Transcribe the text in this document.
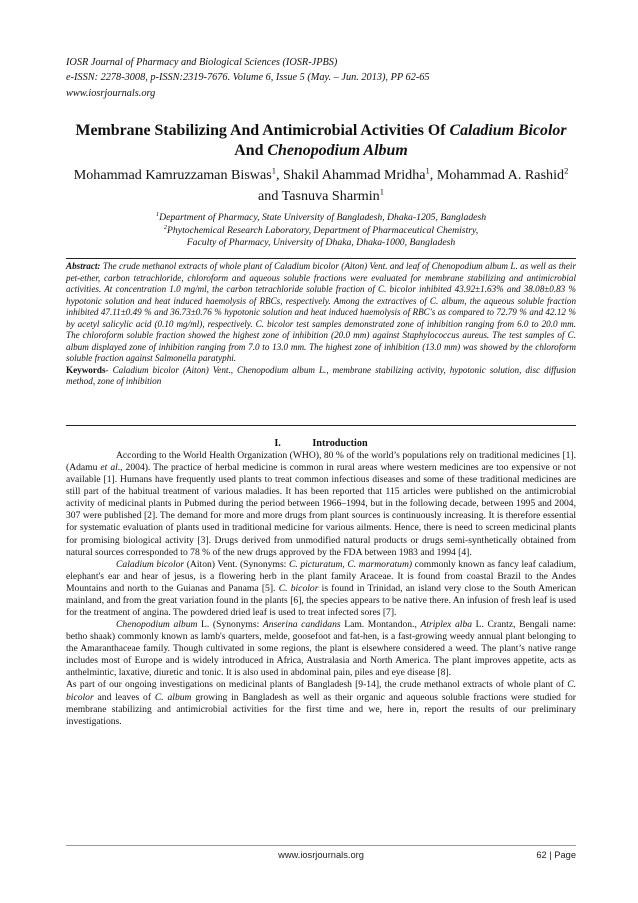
IOSR Journal of Pharmacy and Biological Sciences (IOSR-JPBS)
e-ISSN: 2278-3008, p-ISSN:2319-7676. Volume 6, Issue 5 (May. – Jun. 2013), PP 62-65
www.iosrjournals.org
Membrane Stabilizing And Antimicrobial Activities Of Caladium Bicolor And Chenopodium Album
Mohammad Kamruzzaman Biswas$^1$, Shakil Ahammad Mridha$^1$, Mohammad A. Rashid$^2$ and Tasnuva Sharmin$^1$
$^1$Department of Pharmacy, State University of Bangladesh, Dhaka-1205, Bangladesh
$^2$Phytochemical Research Laboratory, Department of Pharmaceutical Chemistry,
Faculty of Pharmacy, University of Dhaka, Dhaka-1000, Bangladesh
Abstract: The crude methanol extracts of whole plant of Caladium bicolor (Aiton) Vent. and leaf of Chenopodium album L. as well as their pet-ether, carbon tetrachloride, chloroform and aqueous soluble fractions were evaluated for membrane stabilizing and antimicrobial activities. At concentration 1.0 mg/ml, the carbon tetrachloride soluble fraction of C. bicolor inhibited 43.92±1.63% and 38.08±0.83 % hypotonic solution and heat induced haemolysis of RBCs, respectively. Among the extractives of C. album, the aqueous soluble fraction inhibited 47.11±0.49 % and 36.73±0.76 % hypotonic solution and heat induced haemolysis of RBC's as compared to 72.79 % and 42.12 % by acetyl salicylic acid (0.10 mg/ml), respectively. C. bicolor test samples demonstrated zone of inhibition ranging from 6.0 to 20.0 mm. The chloroform soluble fraction showed the highest zone of inhibition (20.0 mm) against Staphylococcus aureus. The test samples of C. album displayed zone of inhibition ranging from 7.0 to 13.0 mm. The highest zone of inhibition (13.0 mm) was showed by the chloroform soluble fraction against Salmonella paratyphi.
Keywords- Caladium bicolor (Aiton) Vent., Chenopodium album L., membrane stabilizing activity, hypotonic solution, disc diffusion method, zone of inhibition
I.	Introduction

According to the World Health Organization (WHO), 80 % of the world’s populations rely on traditional medicines [1]. (Adamu et al., 2004). The practice of herbal medicine is common in rural areas where western medicines are too expensive or not available [1]. Humans have frequently used plants to treat common infectious diseases and some of these traditional medicines are still part of the habitual treatment of various maladies. It has been reported that 115 articles were published on the antimicrobial activity of medicinal plants in Pubmed during the period between 1966–1994, but in the following decade, between 1995 and 2004, 307 were published [2]. The demand for more and more drugs from plant sources is continuously increasing. It is therefore essential for systematic evaluation of plants used in traditional medicine for various ailments. Hence, there is need to screen medicinal plants for promising biological activity [3]. Drugs derived from unmodified natural products or drugs semi-synthetically obtained from natural sources corresponded to 78 % of the new drugs approved by the FDA between 1983 and 1994 [4].

Caladium bicolor (Aiton) Vent. (Synonyms: C. picturatum, C. marmoratum) commonly known as fancy leaf caladium, elephant's ear and hear of jesus, is a flowering herb in the plant family Araceae. It is found from coastal Brazil to the Andes Mountains and north to the Guianas and Panama [5]. C. bicolor is found in Trinidad, an island very close to the South American mainland, and from the great variation found in the plants [6], the species appears to be native there. An infusion of fresh leaf is used for the treatment of angina. The powdered dried leaf is used to treat infected sores [7].

Chenopodium album L. (Synonyms: Anserina candidans Lam. Montandon., Atriplex alba L. Crantz, Bengali name: betho shaak) commonly known as lamb's quarters, melde, goosefoot and fat-hen, is a fast-growing weedy annual plant belonging to the Amaranthaceae family. Though cultivated in some regions, the plant is elsewhere considered a weed. The plant’s native range includes most of Europe and is widely introduced in Africa, Australasia and North America. The plant improves appetite, acts as anthelmintic, laxative, diuretic and tonic. It is also used in abdominal pain, piles and eye disease [8].

As part of our ongoing investigations on medicinal plants of Bangladesh [9-14], the crude methanol extracts of whole plant of C. bicolor and leaves of C. album growing in Bangladesh as well as their organic and aqueous soluble fractions were studied for membrane stabilizing and antimicrobial activities for the first time and we, here in, report the results of our preliminary investigations.

www.iosrjournals.org	62 | Page
